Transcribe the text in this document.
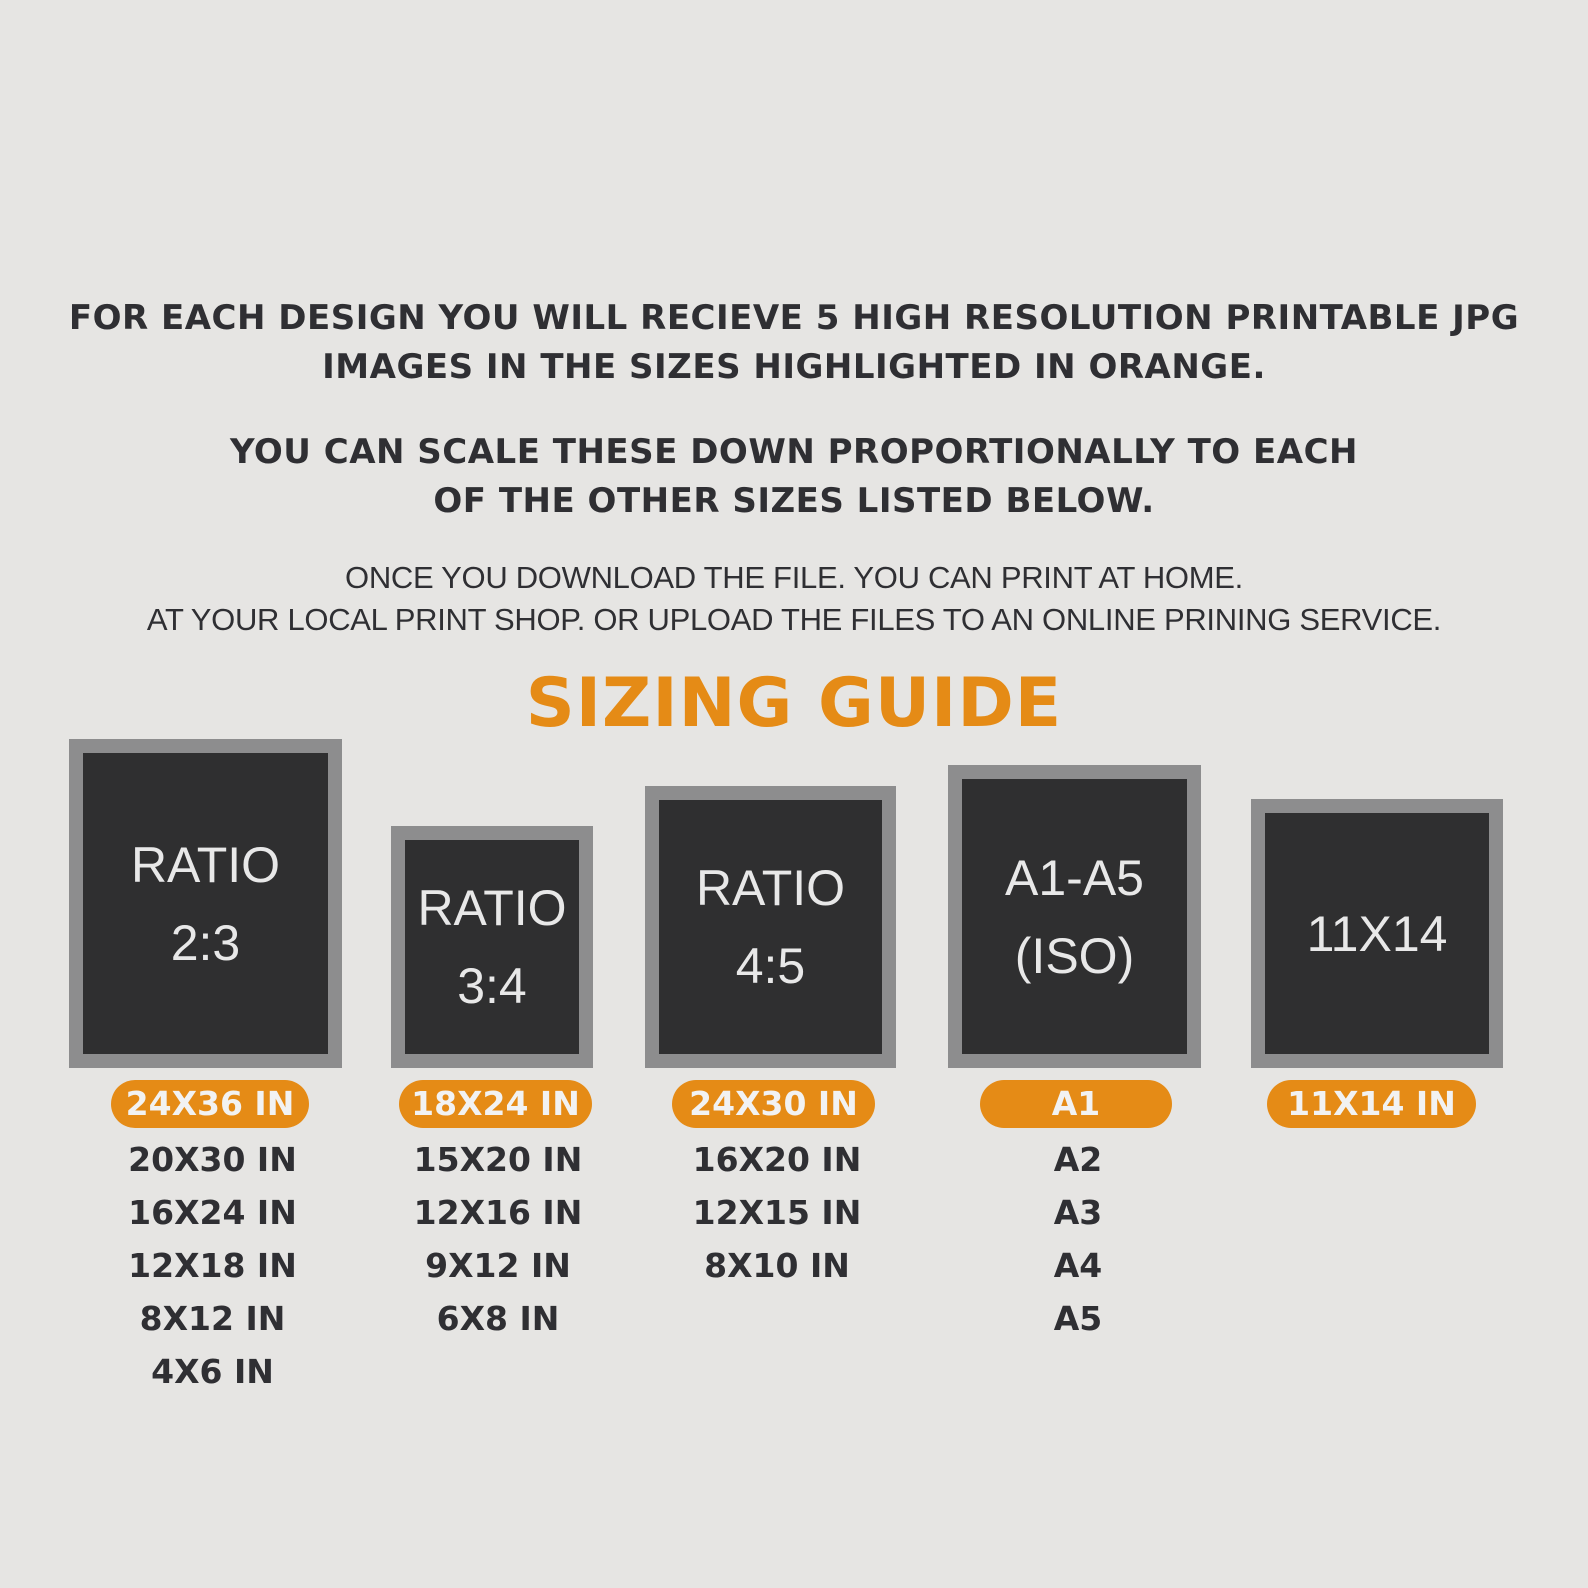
FOR EACH DESIGN YOU WILL RECIEVE 5 HIGH RESOLUTION PRINTABLE JPG

IMAGES IN THE SIZES HIGHLIGHTED IN ORANGE.

YOU CAN SCALE THESE DOWN PROPORTIONALLY TO EACH

OF THE OTHER SIZES LISTED BELOW.

ONCE YOU DOWNLOAD THE FILE. YOU CAN PRINT AT HOME.

AT YOUR LOCAL PRINT SHOP. OR UPLOAD THE FILES TO AN ONLINE PRINING SERVICE.

SIZING GUIDE
RATIO
2:3
24X36 IN
20X30 IN
16X24 IN
12X18 IN
8X12 IN
4X6 IN
RATIO
3:4
18X24 IN
15X20 IN
12X16 IN
9X12 IN
6X8 IN
RATIO
4:5
24X30 IN
16X20 IN
12X15 IN
8X10 IN
A1-A5
(ISO)
A1
A2
A3
A4
A5
11X14
11X14 IN
